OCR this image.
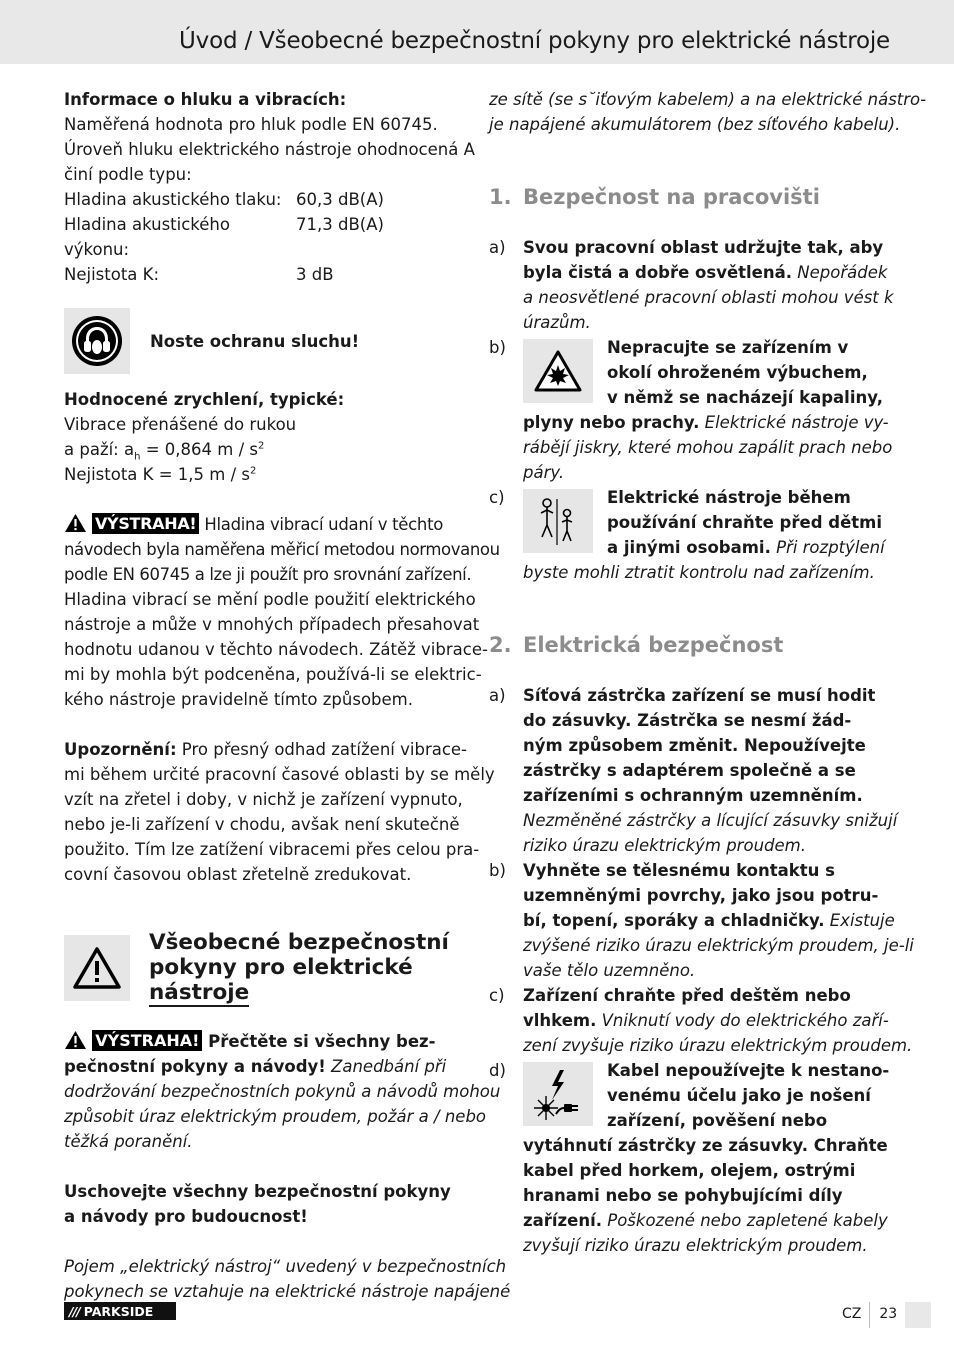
Úvod / Všeobecné bezpečnostní pokyny pro elektrické nástroje
Informace o hluku a vibracích:
Naměřená hodnota pro hluk podle EN 60745.
Úroveň hluku elektrického nástroje ohodnocená A
činí podle typu:
Hladina akustického tlaku: 60,3 dB(A)
Hladina akustického výkonu:
71,3 dB(A)
Nejistota K:	3 dB
Noste ochranu sluchu!
Hodnocené zrychlení, typické:
Vibrace přenášené do rukou
a paží: $a_h = 0,864$ m / $s^2$
Nejistota K = 1,5 m / $s^2$
VÝSTRAHA! Hladina vibrací udaní v těchto
návodech byla naměřena měřicí metodou normovanou
podle EN 60745 a lze ji použít pro srovnání zařízení.
Hladina vibrací se mění podle použití elektrického
nástroje a může v mnohých případech přesahovat
hodnotu udanou v těchto návodech. Zátěž vibrace-
mi by mohla být podceněna, používá-li se elektric-
kého nástroje pravidelně tímto způsobem.
Upozornění: Pro přesný odhad zatížení vibrace-
mi během určité pracovní časové oblasti by se měly
vzít na zřetel i doby, v nichž je zařízení vypnuto,
nebo je-li zařízení v chodu, avšak není skutečně
použito. Tím lze zatížení vibracemi přes celou pra-
covní časovou oblast zřetelně zredukovat.
Všeobecné bezpečnostní
pokyny pro elektrické
nástroje
VÝSTRAHA! Přečtěte si všechny bez-
pečnostní pokyny a návody! Zanedbání při
dodržování bezpečnostních pokynů a návodů mohou
způsobit úraz elektrickým proudem, požár a / nebo
těžká poranění.
Uschovejte všechny bezpečnostní pokyny
a návody pro budoucnost!
Pojem „elektrický nástroj“ uvedený v bezpečnostních
pokynech se vztahuje na elektrické nástroje napájené
ze sítě (se s˘iťovým kabelem) a na elektrické nástro-
je napájené akumulátorem (bez síťového kabelu).
1. Bezpečnost na pracovišti
a)	Svou pracovní oblast udržujte tak, aby
byla čistá a dobře osvětlená. Nepořádek
a neosvětlené pracovní oblasti mohou vést k
úrazům.
b)	Nepracujte se zařízením v
okolí ohroženém výbuchem,
v němž se nacházejí kapaliny,
plyny nebo prachy. Elektrické nástroje vy-
rábějí jiskry, které mohou zapálit prach nebo
páry.
c)	Elektrické nástroje během
používání chraňte před dětmi
a jinými osobami. Při rozptýlení
byste mohli ztratit kontrolu nad zařízením.
2. Elektrická bezpečnost
a)	Síťová zástrčka zařízení se musí hodit
do zásuvky. Zástrčka se nesmí žád-
ným způsobem změnit. Nepoužívejte
zástrčky s adaptérem společně a se
zařízeními s ochranným uzemněním.
Nezměněné zástrčky a lícující zásuvky snižují
riziko úrazu elektrickým proudem.
b)	Vyhněte se tělesnému kontaktu s
uzemněnými povrchy, jako jsou potru-
bí, topení, sporáky a chladničky. Existuje
zvýšené riziko úrazu elektrickým proudem, je-li
vaše tělo uzemněno.
c)	Zařízení chraňte před deštěm nebo
vlhkem. Vniknutí vody do elektrického zaří-
zení zvyšuje riziko úrazu elektrickým proudem.
d)	Kabel nepoužívejte k nestano-
venému účelu jako je nošení
zařízení, pověšení nebo
vytáhnutí zástrčky ze zásuvky. Chraňte
kabel před horkem, olejem, ostrými
hranami nebo se pohybujícími díly
zařízení. Poškozené nebo zapletené kabely
zvyšují riziko úrazu elektrickým proudem.
/// PARKSIDE	CZ	23
